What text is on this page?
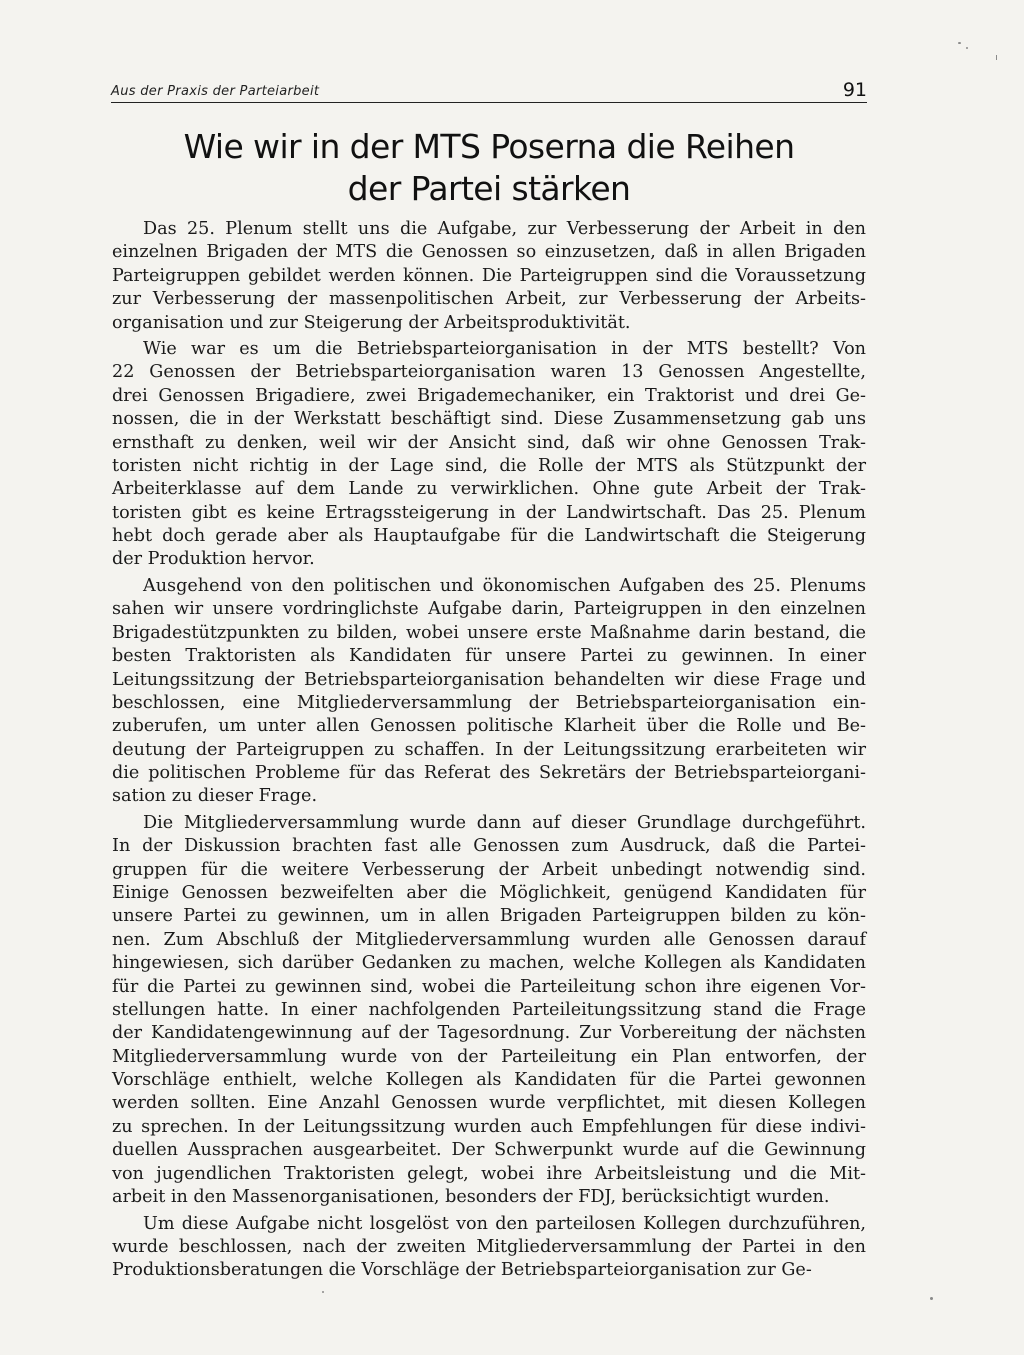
Aus der Praxis der Parteiarbeit	91
Wie wir in der MTS Poserna die Reihen
der Partei stärken
Das 25. Plenum stellt uns die Aufgabe, zur Verbesserung der Arbeit in den
einzelnen Brigaden der MTS die Genossen so einzusetzen, daß in allen Brigaden
Parteigruppen gebildet werden können. Die Parteigruppen sind die Voraussetzung
zur Verbesserung der massenpolitischen Arbeit, zur Verbesserung der Arbeits-
organisation und zur Steigerung der Arbeitsproduktivität.
Wie war es um die Betriebsparteiorganisation in der MTS bestellt? Von
22 Genossen der Betriebsparteiorganisation waren 13 Genossen Angestellte,
drei Genossen Brigadiere, zwei Brigademechaniker, ein Traktorist und drei Ge-
nossen, die in der Werkstatt beschäftigt sind. Diese Zusammensetzung gab uns
ernsthaft zu denken, weil wir der Ansicht sind, daß wir ohne Genossen Trak-
toristen nicht richtig in der Lage sind, die Rolle der MTS als Stützpunkt der
Arbeiterklasse auf dem Lande zu verwirklichen. Ohne gute Arbeit der Trak-
toristen gibt es keine Ertragssteigerung in der Landwirtschaft. Das 25. Plenum
hebt doch gerade aber als Hauptaufgabe für die Landwirtschaft die Steigerung
der Produktion hervor.
Ausgehend von den politischen und ökonomischen Aufgaben des 25. Plenums
sahen wir unsere vordringlichste Aufgabe darin, Parteigruppen in den einzelnen
Brigadestützpunkten zu bilden, wobei unsere erste Maßnahme darin bestand, die
besten Traktoristen als Kandidaten für unsere Partei zu gewinnen. In einer
Leitungssitzung der Betriebsparteiorganisation behandelten wir diese Frage und
beschlossen, eine Mitgliederversammlung der Betriebsparteiorganisation ein-
zuberufen, um unter allen Genossen politische Klarheit über die Rolle und Be-
deutung der Parteigruppen zu schaffen. In der Leitungssitzung erarbeiteten wir
die politischen Probleme für das Referat des Sekretärs der Betriebsparteiorgani-
sation zu dieser Frage.
Die Mitgliederversammlung wurde dann auf dieser Grundlage durchgeführt.
In der Diskussion brachten fast alle Genossen zum Ausdruck, daß die Partei-
gruppen für die weitere Verbesserung der Arbeit unbedingt notwendig sind.
Einige Genossen bezweifelten aber die Möglichkeit, genügend Kandidaten für
unsere Partei zu gewinnen, um in allen Brigaden Parteigruppen bilden zu kön-
nen. Zum Abschluß der Mitgliederversammlung wurden alle Genossen darauf
hingewiesen, sich darüber Gedanken zu machen, welche Kollegen als Kandidaten
für die Partei zu gewinnen sind, wobei die Parteileitung schon ihre eigenen Vor-
stellungen hatte. In einer nachfolgenden Parteileitungssitzung stand die Frage
der Kandidatengewinnung auf der Tagesordnung. Zur Vorbereitung der nächsten
Mitgliederversammlung wurde von der Parteileitung ein Plan entworfen, der
Vorschläge enthielt, welche Kollegen als Kandidaten für die Partei gewonnen
werden sollten. Eine Anzahl Genossen wurde verpflichtet, mit diesen Kollegen
zu sprechen. In der Leitungssitzung wurden auch Empfehlungen für diese indivi-
duellen Aussprachen ausgearbeitet. Der Schwerpunkt wurde auf die Gewinnung
von jugendlichen Traktoristen gelegt, wobei ihre Arbeitsleistung und die Mit-
arbeit in den Massenorganisationen, besonders der FDJ, berücksichtigt wurden.
Um diese Aufgabe nicht losgelöst von den parteilosen Kollegen durchzuführen,
wurde beschlossen, nach der zweiten Mitgliederversammlung der Partei in den
Produktionsberatungen die Vorschläge der Betriebsparteiorganisation zur Ge-
